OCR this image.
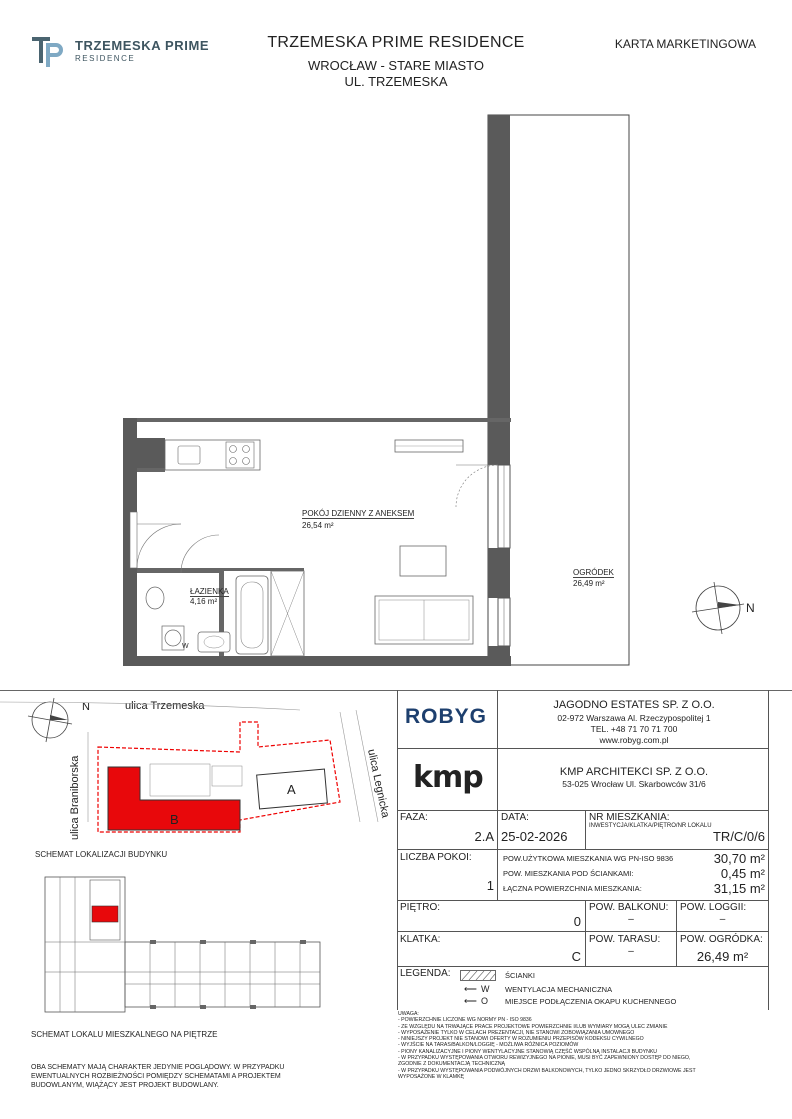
TRZEMESKA PRIME
RESIDENCE
TRZEMESKA PRIME RESIDENCE
WROCŁAW - STARE MIASTO
UL. TRZEMESKA
KARTA MARKETINGOWA
W
N
POKÓJ DZIENNY Z ANEKSEM
26,54 m²
ŁAZIENKA
4,16 m²
OGRÓDEK
26,49 m²
N	ulica Trzemeska
ulica Braniborska	ulica Legnicka
A
B
SCHEMAT LOKALIZACJI BUDYNKU
SCHEMAT LOKALU MIESZKALNEGO NA PIĘTRZE
OBA SCHEMATY MAJĄ CHARAKTER JEDYNIE POGLĄDOWY. W PRZYPADKU EWENTUALNYCH ROZBIEŻNOŚCI POMIĘDZY SCHEMATAMI A PROJEKTEM BUDOWLANYM, WIĄŻĄCY JEST PROJEKT BUDOWLANY.
ROBYG	JAGODNO ESTATES SP. Z O.O.
02-972 Warszawa Al. Rzeczypospolitej 1
TEL. +48 71 70 71 700
www.robyg.com.pl
kmp	KMP ARCHITEKCI SP. Z O.O.
53-025 Wrocław Ul. Skarbowców 31/6
FAZA:
2.A
DATA:
25-02-2026
NR MIESZKANIA:
INWESTYCJA/KLATKA/PIĘTRO/NR LOKALU
TR/C/0/6
LICZBA POKOI:
1
POW.UŻYTKOWA MIESZKANIA WG PN-ISO 9836	30,70 m²
POW. MIESZKANIA POD ŚCIANKAMI:	0,45 m²
ŁĄCZNA POWIERZCHNIA MIESZKANIA:	31,15 m²
PIĘTRO:
0
POW. BALKONU:
–
POW. LOGGII:
–
KLATKA:
C
POW. TARASU:
–
POW. OGRÓDKA:
26,49 m²
LEGENDA:	ŚCIANKI
⟵ W WENTYLACJA MECHANICZNA
⟵ O MIEJSCE PODŁĄCZENIA OKAPU KUCHENNEGO
UWAGA:
- POWIERZCHNIE LICZONE WG NORMY PN - ISO 9836
- ZE WZGLĘDU NA TRWAJĄCE PRACE PROJEKTOWE POWIERZCHNIE I/LUB WYMIARY MOGĄ ULEC ZMIANIE
- WYPOSAŻENIE TYLKO W CELACH PREZENTACJI, NIE STANOWI ZOBOWIĄZANIA UMOWNEGO
- NINIEJSZY PROJEKT NIE STANOWI OFERTY W ROZUMIENIU PRZEPISÓW KODEKSU CYWILNEGO
- WYJŚCIE NA TARAS/BALKON/LOGGIĘ - MOŻLIWA RÓŻNICA POZIOMÓW
- PIONY KANALIZACYJNE I PIONY WENTYLACYJNE STANOWIĄ CZĘŚĆ WSPÓLNĄ INSTALACJI BUDYNKU
- W PRZYPADKU WYSTĘPOWANIA OTWORU REWIZYJNEGO NA PIONIE, MUSI BYĆ ZAPEWNIONY DOSTĘP DO NIEGO,
ZGODNIE Z DOKUMENTACJĄ TECHNICZNĄ
- W PRZYPADKU WYSTĘPOWANIA PODWÓJNYCH DRZWI BALKONOWYCH, TYLKO JEDNO SKRZYDŁO DRZWIOWE JEST
WYPOSAŻONE W KLAMKĘ
